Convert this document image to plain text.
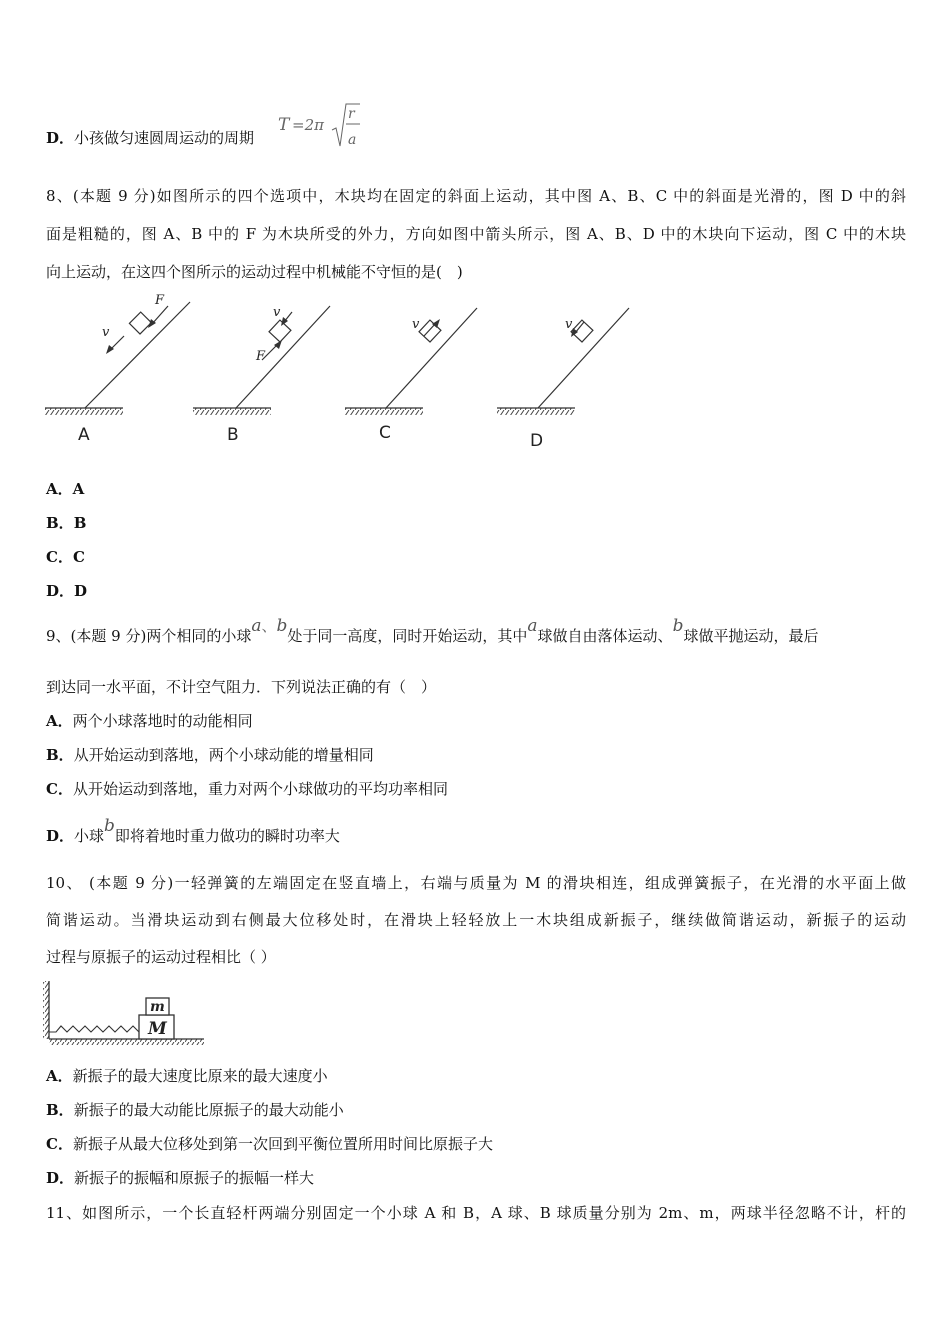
D．小孩做匀速圆周运动的周期
T =2π
r
a
8、(本题 9 分)如图所示的四个选项中，木块均在固定的斜面上运动，其中图 A、B、C 中的斜面是光滑的，图 D 中的斜
面是粗糙的，图 A、B 中的 F 为木块所受的外力，方向如图中箭头所示，图 A、B、D 中的木块向下运动，图 C 中的木块
向上运动，在这四个图所示的运动过程中机械能不守恒的是(　)
F
v
A
F
v
B
v
C
v
D
A．A
B．B
C．C
D．D
9、(本题 9 分)两个相同的小球a、b处于同一高度，同时开始运动，其中a球做自由落体运动、b球做平抛运动，最后
到达同一水平面，不计空气阻力．下列说法正确的有（　）
A．两个小球落地时的动能相同
B．从开始运动到落地，两个小球动能的增量相同
C．从开始运动到落地，重力对两个小球做功的平均功率相同
D．小球b即将着地时重力做功的瞬时功率大
10、 (本题 9 分)一轻弹簧的左端固定在竖直墙上，右端与质量为 M 的滑块相连，组成弹簧振子，在光滑的水平面上做
简谐运动。当滑块运动到右侧最大位移处时，在滑块上轻轻放上一木块组成新振子，继续做简谐运动，新振子的运动
过程与原振子的运动过程相比（ ）
M
m
A．新振子的最大速度比原来的最大速度小
B．新振子的最大动能比原振子的最大动能小
C．新振子从最大位移处到第一次回到平衡位置所用时间比原振子大
D．新振子的振幅和原振子的振幅一样大
11、如图所示，一个长直轻杆两端分别固定一个小球 A 和 B，A 球、B 球质量分别为 2m、m，两球半径忽略不计，杆的
